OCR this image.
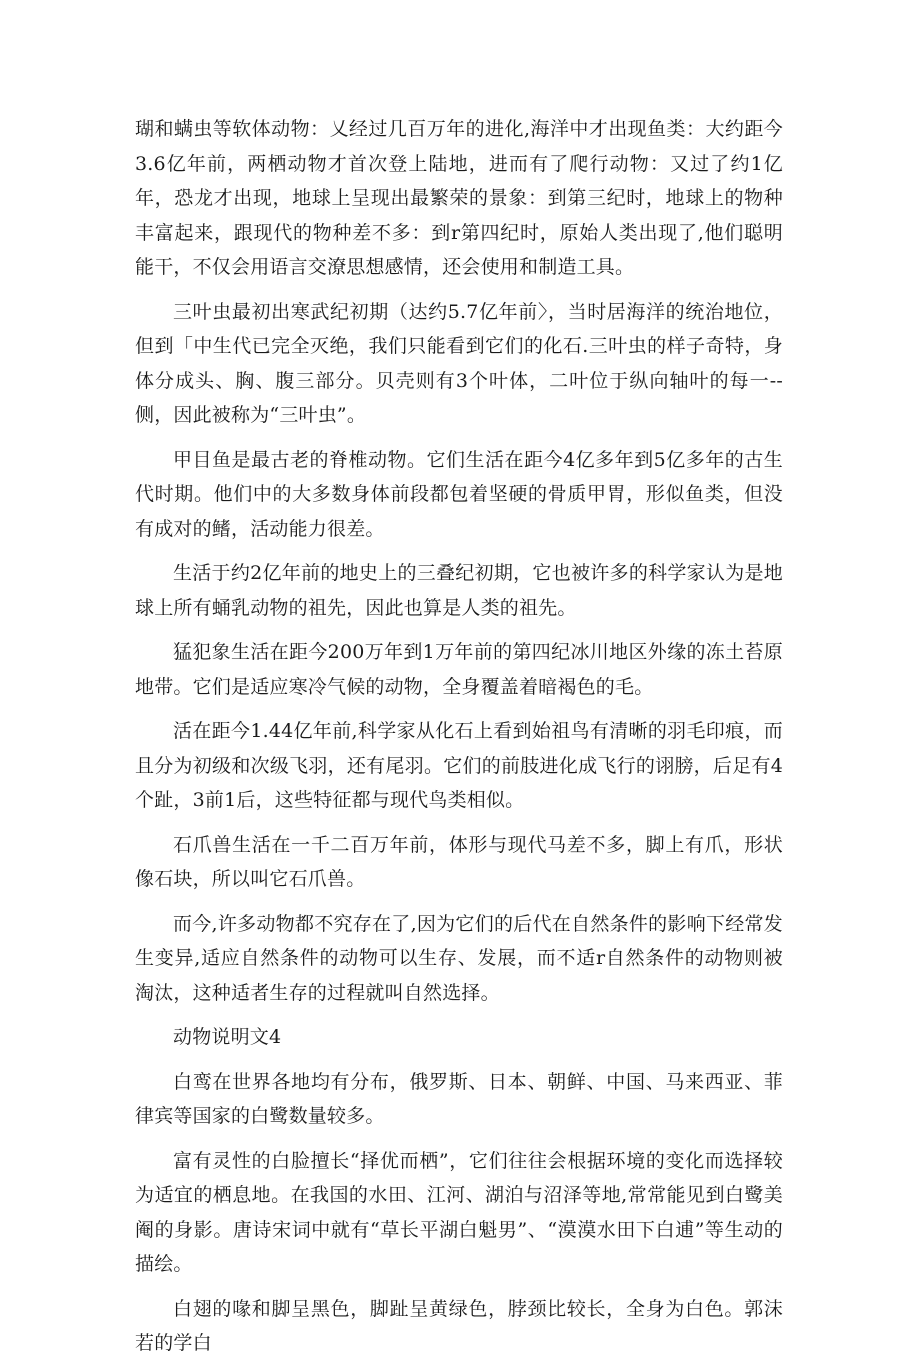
瑚和螨虫等软体动物：乂经过几百万年的进化,海洋中才出现鱼类：大约距今3.6亿年前，两栖动物才首次登上陆地，进而有了爬行动物：又过了约1亿年，恐龙才出现，地球上呈现出最繁荣的景象：到第三纪时，地球上的物种丰富起来，跟现代的物种差不多：到r第四纪时，原始人类出现了,他们聪明能干，不仅会用语言交潦思想感情，还会使用和制造工具。

三叶虫最初出寒武纪初期（达约5.7亿年前〉，当时居海洋的统治地位，但到「中生代已完全灭绝，我们只能看到它们的化石.三叶虫的样子奇特，身体分成头、胸、腹三部分。贝壳则有3个叶体，二叶位于纵向轴叶的每一--侧，因此被称为“三叶虫”。

甲目鱼是最古老的脊椎动物。它们生活在距今4亿多年到5亿多年的古生代时期。他们中的大多数身体前段都包着坚硬的骨质甲胃，形似鱼类，但没有成对的鳍，活动能力很差。

生活于约2亿年前的地史上的三叠纪初期，它也被许多的科学家认为是地球上所有蛹乳动物的祖先，因此也算是人类的祖先。

猛犯象生活在距今200万年到1万年前的第四纪冰川地区外缘的冻土苔原地带。它们是适应寒冷气候的动物，全身覆盖着暗褐色的毛。

活在距今1.44亿年前,科学家从化石上看到始祖鸟有清晰的羽毛印痕，而且分为初级和次级飞羽，还有尾羽。它们的前肢进化成飞行的诩膀，后足有4个趾，3前1后，这些特征都与现代鸟类相似。

石爪兽生活在一千二百万年前，体形与现代马差不多，脚上有爪，形状像石块，所以叫它石爪兽。

而今,许多动物都不究存在了,因为它们的后代在自然条件的影响下经常发生变异,适应自然条件的动物可以生存、发展，而不适r自然条件的动物则被淘汰，这种适者生存的过程就叫自然选择。

动物说明文4

白鸾在世界各地均有分布，俄罗斯、日本、朝鲜、中国、马来西亚、菲律宾等国家的白鹭数量较多。

富有灵性的白脸擅长“择优而栖”，它们往往会根据环境的变化而选择较为适宜的栖息地。在我国的水田、江河、湖泊与沼泽等地,常常能见到白鹭美阉的身影。唐诗宋词中就有“草长平湖白魁男”、“漠漠水田下白逋”等生动的描绘。

白翅的喙和脚呈黑色，脚趾呈黄绿色，脖颈比较长，全身为白色。郭沫若的学白
